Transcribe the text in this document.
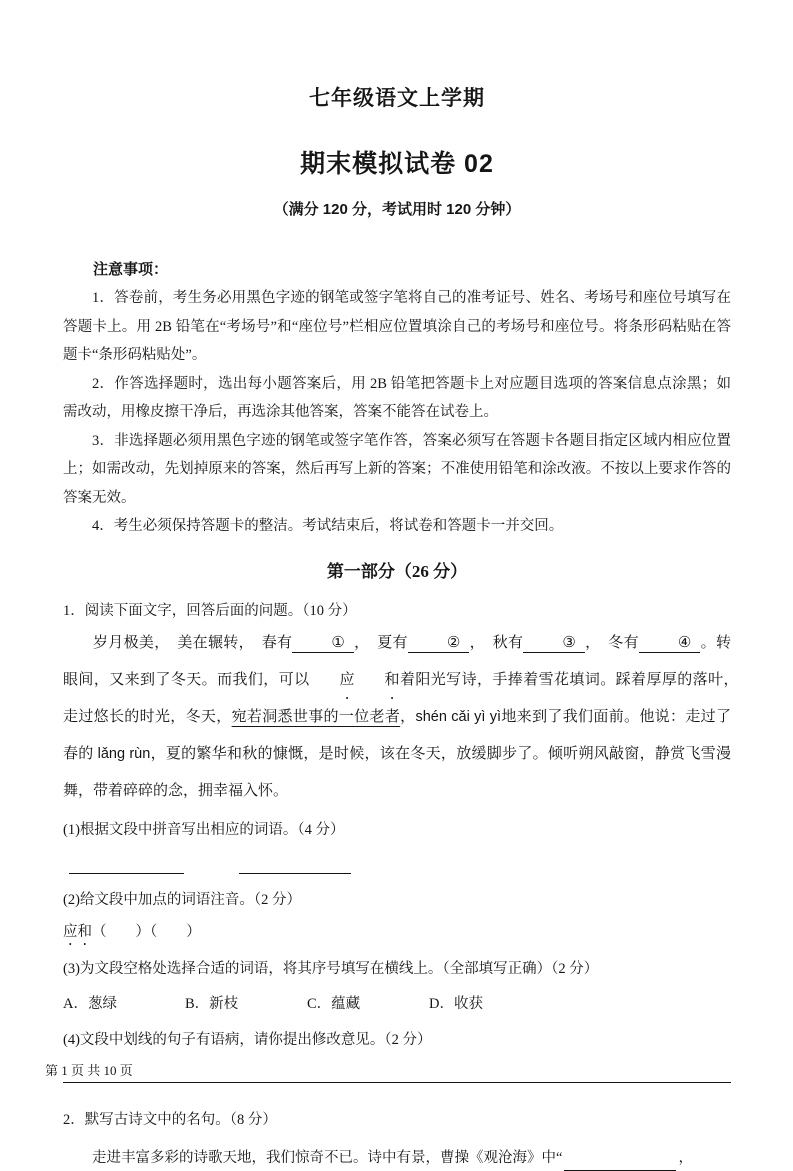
七年级语文上学期
期末模拟试卷 02

（满分 120 分，考试用时 120 分钟）

注意事项：

1．答卷前，考生务必用黑色字迹的钢笔或签字笔将自己的准考证号、姓名、考场号和座位号填写在答题卡上。用 2B 铅笔在“考场号”和“座位号”栏相应位置填涂自己的考场号和座位号。将条形码粘贴在答题卡“条形码粘贴处”。

2．作答选择题时，选出每小题答案后，用 2B 铅笔把答题卡上对应题目选项的答案信息点涂黑；如需改动，用橡皮擦干净后，再选涂其他答案，答案不能答在试卷上。

3．非选择题必须用黑色字迹的钢笔或签字笔作答，答案必须写在答题卡各题目指定区域内相应位置上；如需改动，先划掉原来的答案，然后再写上新的答案；不准使用铅笔和涂改液。不按以上要求作答的答案无效。

4．考生必须保持答题卡的整洁。考试结束后，将试卷和答题卡一并交回。

第一部分（26 分）

1．阅读下面文字，回答后面的问题。（10 分）

岁月极美，　美在辗转，　春有	① ，　夏有	② ，　秋有	③ ，　冬有	④ 。转眼间，又来到了冬天。而我们，可以 应 和着阳光写诗，手捧着雪花填词。踩着厚厚的落叶，　走过悠长的时光，冬天，宛若洞悉世事的一位老者，shén cǎi yì yì地来到了我们面前。他说：走过了春的 lǎng rùn，夏的繁华和秋的慷慨，是时候，该在冬天，放缓脚步了。倾听朔风敲窗，静赏飞雪漫舞，带着碎碎的念，拥幸福入怀。

(1)根据文段中拼音写出相应的词语。（4 分）

(2)给文段中加点的词语注音。（2 分）

应和（　　）（　　）

(3)为文段空格处选择合适的词语，将其序号填写在横线上。（全部填写正确）（2 分）

A．葱绿	B．新枝	C．蕴藏	D．收获

(4)文段中划线的句子有语病，请你提出修改意见。（2 分）

2．默写古诗文中的名句。（8 分）

走进丰富多彩的诗歌天地，我们惊奇不已。诗中有景，曹操《观沧海》中“	，

第 1 页 共 10 页
